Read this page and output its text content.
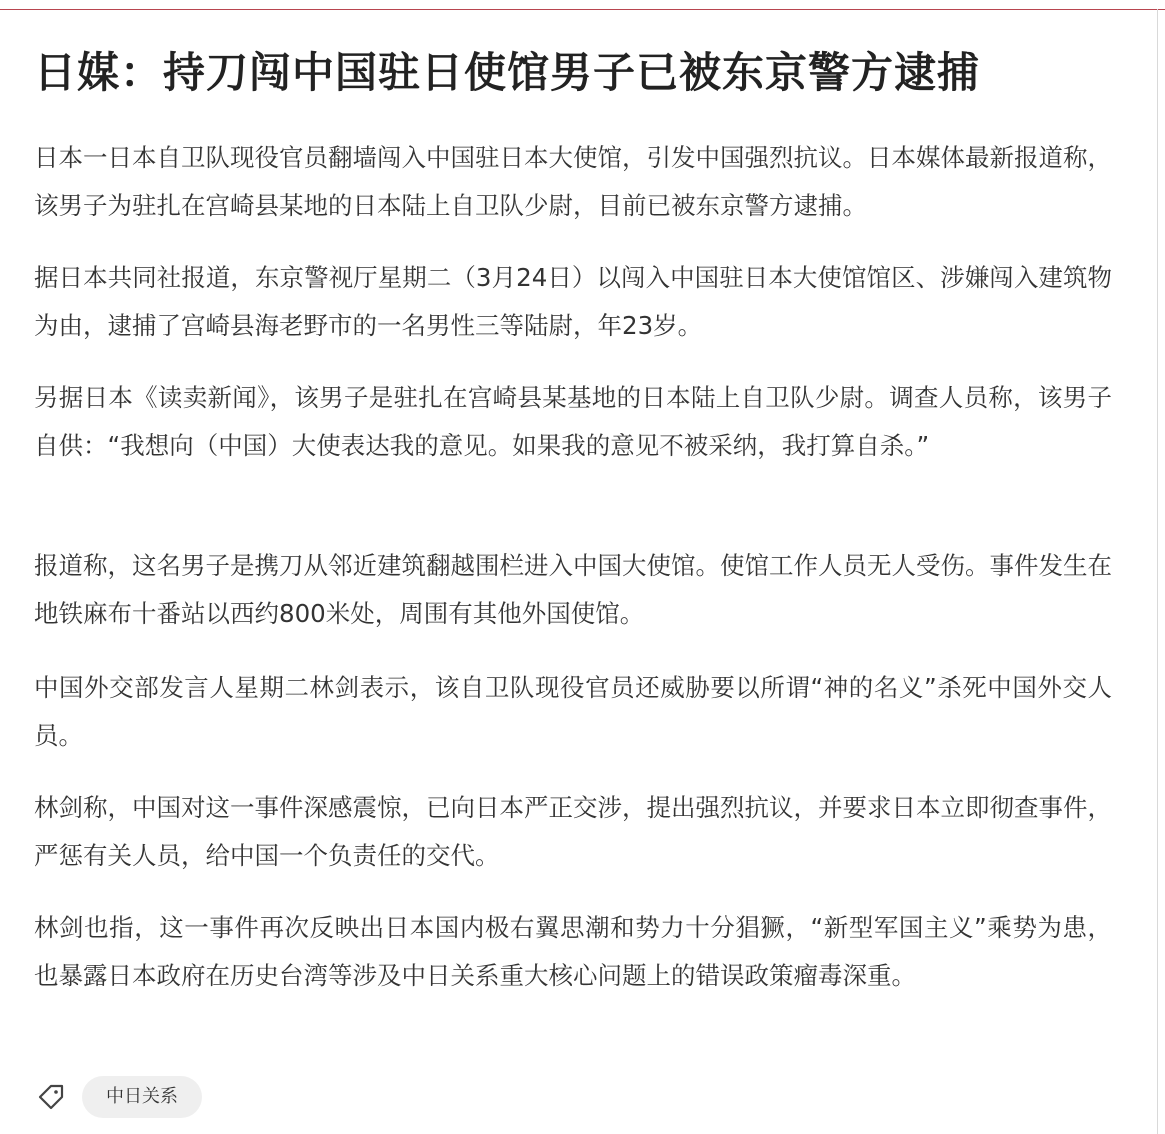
日媒：持刀闯中国驻日使馆男子已被东京警方逮捕

日本一日本自卫队现役官员翻墙闯入中国驻日本大使馆，引发中国强烈抗议。日本媒体最新报道称，该男子为驻扎在宫崎县某地的日本陆上自卫队少尉，目前已被东京警方逮捕。

据日本共同社报道，东京警视厅星期二（3月24日）以闯入中国驻日本大使馆馆区、涉嫌闯入建筑物为由，逮捕了宫崎县海老野市的一名男性三等陆尉，年23岁。

另据日本《读卖新闻》，该男子是驻扎在宫崎县某基地的日本陆上自卫队少尉。调查人员称，该男子自供：“我想向（中国）大使表达我的意见。如果我的意见不被采纳，我打算自杀。”

报道称，这名男子是携刀从邻近建筑翻越围栏进入中国大使馆。使馆工作人员无人受伤。事件发生在地铁麻布十番站以西约800米处，周围有其他外国使馆。

中国外交部发言人星期二林剑表示，该自卫队现役官员还威胁要以所谓“神的名义”杀死中国外交人员。

林剑称，中国对这一事件深感震惊，已向日本严正交涉，提出强烈抗议，并要求日本立即彻查事件，严惩有关人员，给中国一个负责任的交代。

林剑也指，这一事件再次反映出日本国内极右翼思潮和势力十分猖獗，“新型军国主义”乘势为患，也暴露日本政府在历史台湾等涉及中日关系重大核心问题上的错误政策瘤毒深重。

中日关系
